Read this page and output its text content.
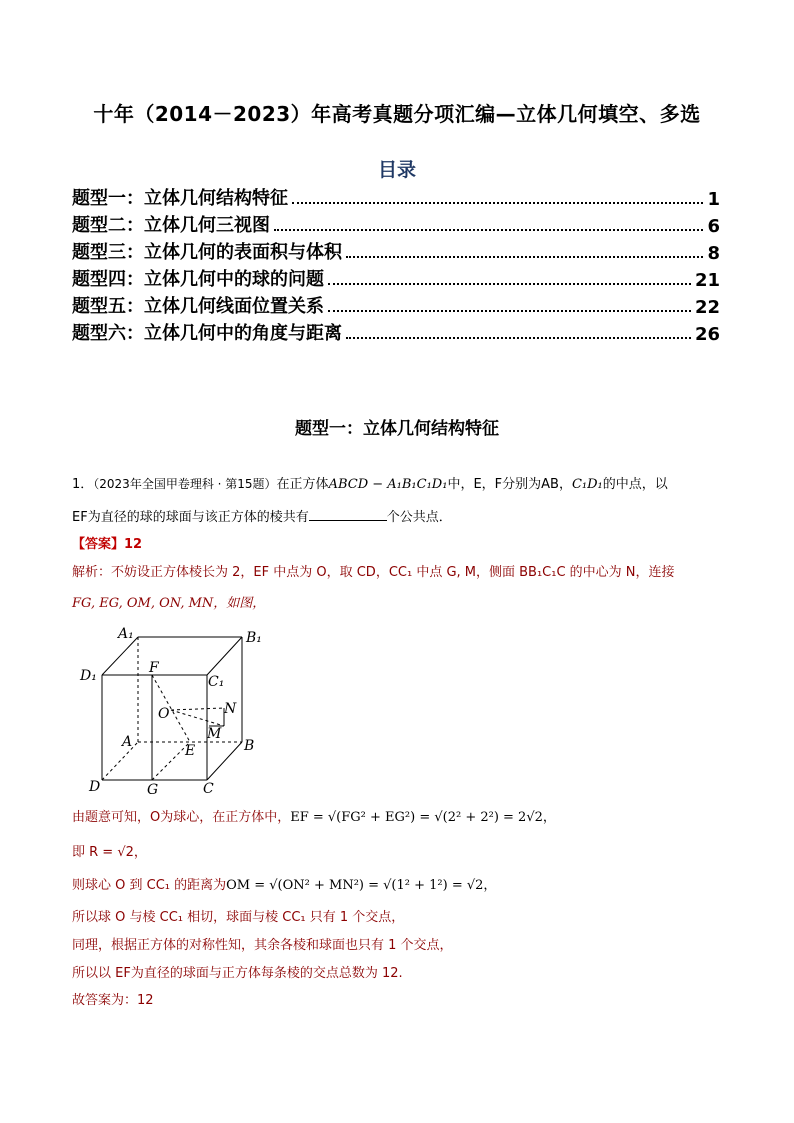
十年（2014－2023）年高考真题分项汇编—立体几何填空、多选
目录
题型一：立体几何结构特征	1
题型二：立体几何三视图	6
题型三：立体几何的表面积与体积	8
题型四：立体几何中的球的问题	21
题型五：立体几何线面位置关系	22
题型六：立体几何中的角度与距离	26
题型一：立体几何结构特征
1．（2023年全国甲卷理科 · 第15题）在正方体ABCD − A₁B₁C₁D₁中，E，F分别为AB，C₁D₁的中点，以
EF为直径的球的球面与该正方体的棱共有	个公共点．
【答案】12
解析：不妨设正方体棱长为 2，EF 中点为 O，取 CD，CC₁ 中点 G, M，侧面 BB₁C₁C 的中心为 N，连接
FG, EG, OM, ON, MN，如图，
A₁	B₁
C₁
D₁
A	B
C
D
E
F
G
M
N
O
由题意可知，O为球心，在正方体中，EF = √(FG² + EG²) = √(2² + 2²) = 2√2，
即 R = √2，
则球心 O 到 CC₁ 的距离为OM = √(ON² + MN²) = √(1² + 1²) = √2，
所以球 O 与棱 CC₁ 相切，球面与棱 CC₁ 只有 1 个交点，
同理，根据正方体的对称性知，其余各棱和球面也只有 1 个交点，
所以以 EF为直径的球面与正方体每条棱的交点总数为 12.
故答案为：12
